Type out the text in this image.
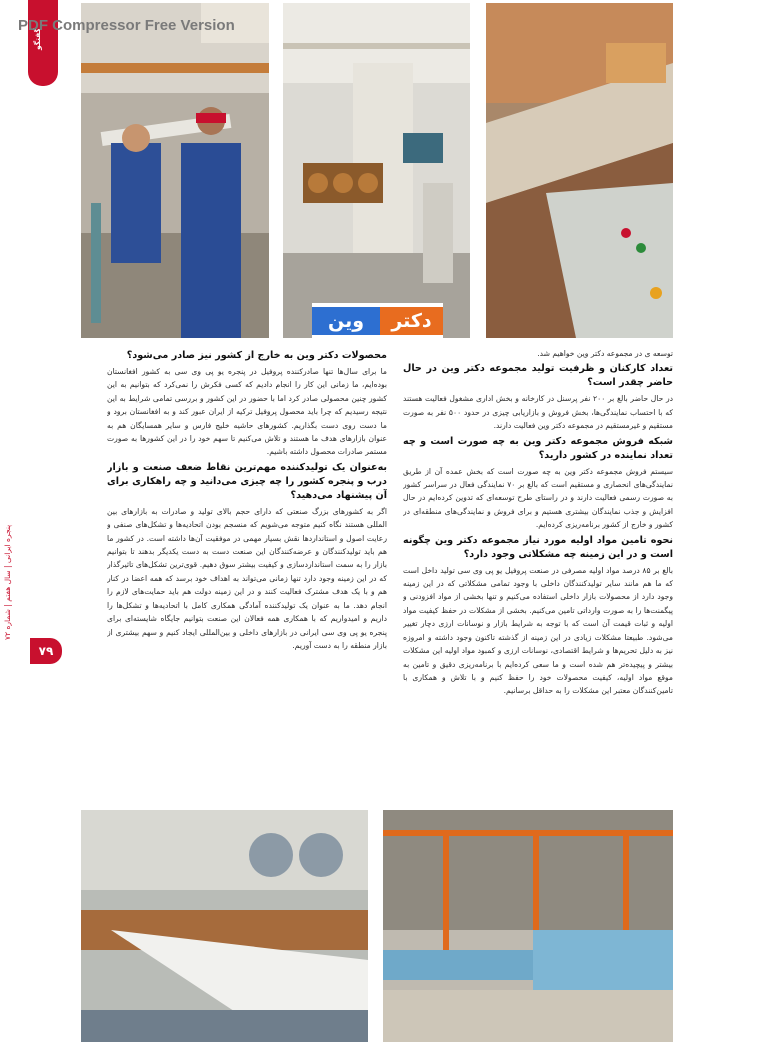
وین	دکتر
گفتگو
PDF Compressor Free Version
پنجره ایرانی | سال هفتم | شماره ۷۲
۷۹

توسعه ی در مجموعه دکتر وین خواهیم شد.

تعداد کارکنان و ظرفیت تولید مجموعه دکتر وین در حال حاضر چقدر است؟

در حال حاضر بالغ بر ۲۰۰ نفر پرسنل در کارخانه و بخش اداری مشغول فعالیت هستند که با احتساب نمایندگی‌ها، بخش فروش و بازاریابی چیزی در حدود ۵۰۰ نفر به صورت مستقیم و غیرمستقیم در مجموعه دکتر وین فعالیت دارند.

شبکه فروش مجموعه دکتر وین به چه صورت است و چه تعداد نماینده در کشور دارید؟

سیستم فروش مجموعه دکتر وین به چه صورت است که بخش عمده آن از طریق نمایندگی‌های انحصاری و مستقیم است که بالغ بر ۷۰ نمایندگی فعال در سراسر کشور به صورت رسمی فعالیت دارند و در راستای طرح توسعه‌ای که تدوین کرده‌ایم در حال افزایش و جذب نمایندگان بیشتری هستیم و برای فروش و نمایندگی‌های منطقه‌ای در کشور و خارج از کشور برنامه‌ریزی کرده‌ایم.

نحوه تامین مواد اولیه مورد نیاز مجموعه دکتر وین چگونه است و در این زمینه چه مشکلاتی وجود دارد؟

بالغ بر ۸۵ درصد مواد اولیه مصرفی در صنعت پروفیل یو پی وی سی تولید داخل است که ما هم مانند سایر تولیدکنندگان داخلی با وجود تمامی مشکلاتی که در این زمینه وجود دارد از محصولات بازار داخلی استفاده می‌کنیم و تنها بخشی از مواد افزودنی و پیگمنت‌ها را به صورت وارداتی تامین می‌کنیم. بخشی از مشکلات در حفظ کیفیت مواد اولیه و ثبات قیمت آن است که با توجه به شرایط بازار و نوسانات ارزی دچار تغییر می‌شود. طبیعتا مشکلات زیادی در این زمینه از گذشته تاکنون وجود داشته و امروزه نیز به دلیل تحریم‌ها و شرایط اقتصادی، نوسانات ارزی و کمبود مواد اولیه این مشکلات بیشتر و پیچیده‌تر هم شده است و ما سعی کرده‌ایم با برنامه‌ریزی دقیق و تامین به موقع مواد اولیه، کیفیت محصولات خود را حفظ کنیم و با تلاش و همکاری با تامین‌کنندگان معتبر این مشکلات را به حداقل برسانیم.

محصولات دکتر وین به خارج از کشور نیز صادر می‌شود؟

ما برای سال‌ها تنها صادرکننده پروفیل در پنجره یو پی وی سی به کشور افغانستان بوده‌ایم، ما زمانی این کار را انجام دادیم که کسی فکرش را نمی‌کرد که بتوانیم به این کشور چنین محصولی صادر کرد اما با حضور در این کشور و بررسی تمامی شرایط به این نتیجه رسیدیم که چرا باید محصول پروفیل ترکیه از ایران عبور کند و به افغانستان برود و ما دست روی دست بگذاریم. کشورهای حاشیه خلیج فارس و سایر همسایگان هم به عنوان بازارهای هدف ما هستند و تلاش می‌کنیم تا سهم خود را در این کشورها به صورت مستمر صادرات محصول داشته باشیم.

به‌عنوان یک تولیدکننده مهم‌ترین نقاط ضعف صنعت و بازار درب و پنجره کشور را چه چیزی می‌دانید و چه راهکاری برای آن پیشنهاد می‌دهید؟

اگر به کشورهای بزرگ صنعتی که دارای حجم بالای تولید و صادرات به بازارهای بین المللی هستند نگاه کنیم متوجه می‌شویم که منسجم بودن اتحادیه‌ها و تشکل‌های صنفی و رعایت اصول و استانداردها نقش بسیار مهمی در موفقیت آن‌ها داشته است. در کشور ما هم باید تولیدکنندگان و عرضه‌کنندگان این صنعت دست به دست یکدیگر بدهند تا بتوانیم بازار را به سمت استانداردسازی و کیفیت بیشتر سوق دهیم. قوی‌ترین تشکل‌های تاثیرگذار که در این زمینه وجود دارد تنها زمانی می‌تواند به اهداف خود برسد که همه اعضا در کنار هم و با یک هدف مشترک فعالیت کنند و در این زمینه دولت هم باید حمایت‌های لازم را انجام دهد. ما به عنوان یک تولیدکننده آمادگی همکاری کامل با اتحادیه‌ها و تشکل‌ها را داریم و امیدواریم که با همکاری همه فعالان این صنعت بتوانیم جایگاه شایسته‌ای برای پنجره یو پی وی سی ایرانی در بازارهای داخلی و بین‌المللی ایجاد کنیم و سهم بیشتری از بازار منطقه را به دست آوریم.
